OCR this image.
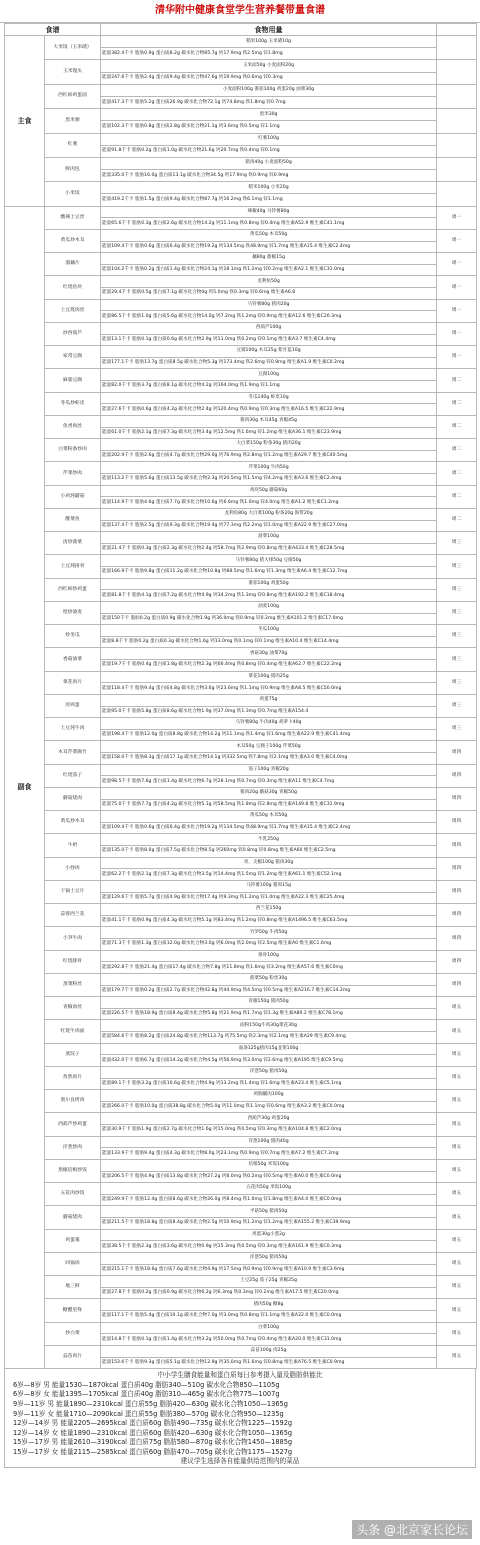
清华附中健康食堂学生营养餐带量食谱
食谱		食物用量	
主食	大米饭（玉米碴）	稻米100g 玉米碴10g	
		能量382.4千卡 脂肪0.9g 蛋白质8.2g 碳水化合物85.7g 钙17.9mg 铁2.5mg 锌1.8mg	
	玉米馒头	玉米面50g 小麦面粉20g	
		能量247.6千卡 脂肪2.4g 蛋白质9.4g 碳水化合物47.6g 钙19.9mg 铁0.6mg 锌0.3mg	
	西红柿鸡蛋面	小麦面粉100g 番茄100g 鸡蛋20g 油菜30g	
		能量417.3千卡 脂肪5.2g 蛋白质26.9g 碳水化合物72.1g 钙74.8mg 铁1.8mg 锌0.7mg	
	黑米粥	黑米30g	
		能量102.3千卡 脂肪0.8g 蛋白质2.8g 碳水化合物21.1g 钙3.6mg 铁0.5mg 锌1.1mg	
	红薯	红薯100g	
		能量91.8千卡 脂肪0.2g 蛋白质1.0g 碳水化合物21.6g 钙20.7mg 铁0.4mg 锌0.1mg	
	鲜肉包	猪肉40g 小麦面粉50g	
		能量335.0千卡 脂肪16.0g 蛋白质13.1g 碳水化合物34.5g 钙17.9mg 铁0.9mg 锌0.9mg	
	小米饭	稻米100g 小米20g	
		能量419.2千卡 脂肪1.5g 蛋白质9.4g 碳水化合物87.7g 钙16.2mg 铁6.1mg 锌1.1mg	
副食	酸辣土豆丝	辣椒40g 马铃薯80g	周一
		能量65.6千卡 脂肪0.3g 蛋白质2.6g 碳水化合物14.2g 钙11.1mg 铁0.8mg 锌0.4mg 维生素A52.9 维生素C41.1mg	
	黄瓜炒木耳	黄瓜50g 木耳50g	周一
		能量109.4千卡 脂肪0.6g 蛋白质6.4g 碳水化合物19.2g 钙134.5mg 铁48.9mg 锌1.7mg 维生素A15.4 维生素C2.4mg	
	溜藕片	藕80g 甜椒15g	周一
		能量104.2千卡 脂肪0.2g 蛋白质1.4g 碳水化合物24.1g 钙18.1mg 铁1.2mg 锌0.2mg 维生素A2.1 维生素C31.0mg	
	红烧鱼块	龙利鱼50g	周一
		能量29.4千卡 脂肪0.5g 蛋白质7.1g 碳水化合物0g 钙5.0mg 铁0.3mg 锌0.6mg 维生素A6.8	
	土豆烧肉丝	马铃薯80g 猪肉20g	周一
		能量86.5千卡 脂肪1.0g 蛋白质5.6g 碳水化合物14.0g 钙7.2mg 铁1.2mg 锌0.9mg 维生素A12.6 维生素C20.3mg	
	炒西葫芦	西葫芦100g	周一
		能量13.1千卡 脂肪0.1g 蛋白质0.6g 碳水化合物2.9g 钙11.0mg 铁0.2mg 锌0.1mg 维生素A3.7 维生素C4.4mg	
	家常豆腐	豆腐100g 木耳25g 紫甘蓝10g	周一
		能量177.1千卡 脂肪13.7g 蛋白质8.5g 碳水化合物5.3g 钙173.4mg 铁2.6mg 锌0.9mg 维生素A1.9 维生素C0.2mg	
	麻婆豆腐	豆腐100g	周二
		能量82.0千卡 脂肪3.7g 蛋白质8.1g 碳水化合物4.2g 钙164.0mg 铁1.9mg 锌1.1mg	
	冬瓜炒虾皮	冬瓜140g 虾皮10g	周二
		能量27.6千卡 脂肪0.6g 蛋白质4.2g 碳水化合物2.4g 钙120.4mg 铁0.9mg 锌0.3mg 维生素A16.5 维生素C22.9mg	
	鱼香肉丝	猪肉30g 木耳45g 青椒45g	周二
		能量61.0千卡 脂肪2.1g 蛋白质7.3g 碳水化合物3.4g 钙12.5mg 铁1.6mg 锌1.2mg 维生素A36.1 维生素C23.9mg	
	白菜粉条炒肉	大白菜150g 粉条30g 猪肉20g	周二
		能量202.9千卡 脂肪2.6g 蛋白质4.7g 碳水化合物29.0g 钙76.9mg 铁2.8mg 锌1.2mg 维生素A29.7 维生素C40.5mg	
	芹菜炒肉	芹菜100g 牛肉50g	周二
		能量113.2千卡 脂肪5.6g 蛋白质13.5g 碳水化合物2.3g 钙20.5mg 铁1.5mg 锌4.2mg 维生素A3.6 维生素C2.4mg	
	小鸡炖蘑菇	鸡块50g 蘑菇60g	周二
		能量114.9千卡 脂肪4.6g 蛋白质7.7g 碳水化合物10.6g 钙6.6mg 铁1.0mg 锌4.0mg 维生素A1.2 维生素C1.2mg	
	酸菜鱼	龙利鱼80g 大白菜100g 粉条20g 海带20g	周二
		能量137.4千卡 脂肪2.5g 蛋白质9.3g 碳水化合物19.4g 钙77.3mg 铁2.2mg 锌1.0mg 维生素A22.9 维生素C27.0mg	
	清炒菠菜	菠菜100g	周三
		能量21.4千卡 脂肪0.3g 蛋白质2.3g 碳水化合物2.4g 钙58.7mg 铁2.9mg 锌0.8mg 维生素A433.4 维生素C28.5mg	
	土豆炖排骨	马铃薯80g 猪大排50g 豆腐50g	周三
		能量166.9千卡 脂肪9.8g 蛋白质11.2g 碳水化合物10.8g 钙88.5mg 铁1.6mg 锌1.3mg 维生素A6.4 维生素C12.7mg	
	西红柿炒鸡蛋	番茄100g 鸡蛋50g	周三
		能量81.8千卡 脂肪4.1g 蛋白质7.2g 碳水化合物4.9g 钙34.2mg 铁1.3mg 锌0.8mg 维生素A192.2 维生素C18.4mg	
	炝炒油麦	油麦100g	周三
		能量150千卡 脂肪0.2g 蛋白质0.9g 碳水化合物1.9g 钙36.0mg 铁0.9mg 锌0.2mg 维生素A101.2 维生素C17.0mg	
	炒冬瓜	冬瓜100g	周三
		能量8.8千卡 脂肪0.2g 蛋白质0.3g 碳水化合物1.6g 钙13.0mg 铁0.1mg 锌0.1mg 维生素A10.4 维生素C14.4mg	
	香菇油菜	香菇30g 油菜70g	周三
		能量19.7千卡 脂肪0.4g 蛋白质1.8g 碳水化合物2.3g 钙66.4mg 铁0.8mg 锌0.4mg 维生素A62.7 维生素C22.2mg	
	菜花肉片	菜花100g 猪肉25g	周三
		能量118.4千卡 脂肪9.4g 蛋白质4.8g 碳水化合物3.6g 钙23.6mg 铁1.1mg 锌0.9mg 维生素A8.5 维生素C50.0mg	
	煎鸡蛋	鸡蛋75g	周三
		能量95.0千卡 脂肪5.8g 蛋白质8.6g 碳水化合物1.9g 钙37.0mg 铁1.3mg 锌0.7mg 维生素A154.4	
	土豆炖牛肉	马铃薯80g 牛肉40g 胡萝卜40g	周三
		能量198.4千卡 脂肪12.0g 蛋白质8.8g 碳水化合物14.2g 钙11.1mg 铁1.4mg 锌1.6mg 维生素A22.9 维生素C41.4mg	
	木耳芹菜腐竹	木耳50g 豆腐干100g 芹菜50g	周四
		能量158.0千卡 脂肪8.3g 蛋白质17.1g 碳水化合物14.1g 钙332.5mg 铁7.8mg 锌2.1mg 维生素A3.0 维生素C4.0mg	
	红烧茄子	茄子100g 青椒20g	周四
		能量98.5千卡 脂肪7.6g 蛋白质1.4g 碳水化合物6.7g 钙28.1mg 铁0.7mg 锌0.3mg 维生素A11 维生素C4.7mg	
	蘑菇烧肉	猪肉20g 蘑菇30g 青椒50g	周四
		能量75.0千卡 脂肪7.7g 蛋白质4.2g 碳水化合物5.1g 钙58.5mg 铁1.8mg 锌2.8mg 维生素A149.8 维生素C31.9mg	
	黄瓜炒木耳	黄瓜50g 木耳50g	周四
		能量109.4千卡 脂肪0.6g 蛋白质6.4g 碳水化合物19.2g 钙134.5mg 铁48.9mg 锌1.7mg 维生素A15.4 维生素C2.4mg	
	牛奶	牛乳250g	周四
		能量135.0千卡 脂肪8.0g 蛋白质7.5g 碳水化合物8.5g 钙260mg 铁0.8mg 锌0.8mg 维生素A60 维生素C2.5mg	
	小炒肉	青、尖椒100g 猪肉30g	周四
		能量62.2千卡 脂肪2.1g 蛋白质7.3g 碳水化合物3.5g 钙14.4mg 铁1.5mg 锌1.2mg 维生素A61.1 维生素C52.1mg	
	干锅土豆片	马铃薯100g 猪肉15g	周四
		能量129.6千卡 脂肪5.7g 蛋白质4.9g 碳水化合物17.4g 钙9.3mg 铁1.2mg 锌1.0mg 维生素A22.3 维生素C25.4mg	
	蒜蓉西兰花	西兰花150g	周四
		能量41.1千卡 脂肪0.9g 蛋白质4.3g 碳水化合物5.1g 钙83.4mg 铁1.2mg 锌0.8mg 维生素A1496.5 维生素C63.5mg	
	小笋牛肉	竹笋50g 牛肉50g	周四
		能量71.3千卡 脂肪1.3g 蛋白质12.0g 碳水化合物3.0g 钙6.0mg 铁2.0mg 锌2.5mg 维生素A0 维生素C1.6mg	
	红烧排骨	排骨100g	周四
		能量292.8千卡 脂肪21.4g 蛋白质17.4g 碳水化合物7.8g 钙11.8mg 铁1.6mg 锌3.2mg 维生素A57.6 维生素C0mg	
	蒸菜粉丝	菠菜50g 粉丝30g	周四
		能量179.7千卡 脂肪0.2g 蛋白质2.7g 碳水化合物42.8g 钙44.9mg 铁4.5mg 锌0.5mg 维生素A216.7 维生素C14.2mg	
	青椒肉丝	青椒150g 猪肉50g	周五
		能量226.5千卡 脂肪18.9g 蛋白质8.4g 碳水化合物5.8g 钙21.9mg 铁1.7mg 锌1.3g 维生素A80.2 维生素C78.1mg	
	红烧牛肉面	面粉150g牛肉30g菜花30g	周五
		能量584.6千卡 脂肪8.2g 蛋白质24.8g 碳水化合物113.7g 钙75.5mg 铁2.3mg 锌2.1mg 维生素A29 维生素C9.4mg	
	蒸饺子	面条125g猪肉15g韭菜100g	周五
		能量432.0千卡 脂肪6.7g 蛋白质14.2g 碳水化合物4.5g 钙56.9mg 铁3.0mg 锌2.6mg 维生素A195 维生素C9.5mg	
	孜然肉片	洋葱50g 猪肉50g	周五
		能量89.1千卡 脂肪3.2g 蛋白质10.6g 碳水化合物4.9g 钙13.2mg 铁1.4mg 锌1.6mg 维生素A23.4 维生素C5.1mg	
	奥尔良烤肉	鸡胸脯肉100g	周五
		能量266.0千卡 脂肪10.0g 蛋白质38.8g 碳水化合物5.0g 钙11.0mg 铁1.1mg 锌0.6mg 维生素A3.2 维生素C0.0mg	
	西葫芦炒鸡蛋	西葫芦30g 鸡蛋20g	周五
		能量30.9千卡 脂肪1.9g 蛋白质2.7g 碳水化合物1.6g 钙15.0mg 铁0.5mg 锌0.3mg 维生素A104.8 维生素C2.0mg	
	洋葱炒肉	洋葱100g 猪肉40g	周五
		能量133.9千卡 脂肪9.4g 蛋白质4.3g 碳水化合物8.0g 钙23.1mg 铁0.9mg 锌0.7mg 维生素A7.2 维生素C7.2mg	
	黑椒培根炒饭	培根50g 米饭100g	周五
		能量206.5千卡 脂肪4.9g 蛋白质13.8g 碳水化合物27.2g 钙8.0mg 铁0.2mg 锌0.5mg 维生素A0.0 维生素C0.0mg	
	五花肉炒饭	五花肉50g 米饭100g	周五
		能量249.9千卡 脂肪12.4g 蛋白质8.6g 碳水化合物26.0g 钙8.4mg 铁1.0mg 锌1.8mg 维生素A4.0 维生素C0.0mg	
	蘑菇烧肉	平菇50g 猪肉50g	周五
		能量211.5千卡 脂肪18.8g 蛋白质8.4g 碳水化合物2.5g 钙10.9mg 铁1.2mg 锌1.2mg 维生素A155.2 维生素C39.9mg	
	鸡蛋羹	鸡蛋30g小葱2g	周五
		能量38.5千卡 脂肪2.3g 蛋白质3.6g 碳水化合物0.9g 钙15.3mg 铁0.5mg 锌0.3mg 维生素A161.9 维生素C0.3mg	
	回锅肉	洋葱50g 猪肉50g	周五
		能量215.1千卡 脂肪18.6g 蛋白质7.6g 碳水化合物4.9g 钙17.5mg 铁0.9mg 锌0.9mg 维生素A10.9 维生素C3.6mg	
	地三鲜	土豆25g 茄子25g 青椒25g	周五
		能量27.8千卡 脂肪0.2g 蛋白质0.9g 碳水化合物6.2g 钙6.3mg 铁0.3mg 锌0.2mg 维生素A17.5 维生素C20.0mg	
	糖醋里脊	猪肉50g 糖8g	周五
		能量117.1千卡 脂肪5.4g 蛋白质10.1g 碳水化合物7.0g 钙3.0mg 铁0.8mg 锌1.1mg 维生素A22.0 维生素C0.0mg	
	炒白菜	白菜100g	周五
		能量14.8千卡 脂肪0.1g 蛋白质1.4g 碳水化合物3.2g 钙50.0mg 铁0.7mg 锌0.4mg 维生素A20.0 维生素C31.0mg	
	蒜苗肉片	蒜苗100g 肉25g	周五
		能量153.6千卡 脂肪9.3g 蛋白质5.1g 碳水化合物12.9g 钙35.0mg 铁1.6mg 锌0.8mg 维生素A76.5 维生素C0.9mg	
中小学生膳食能量和蛋白质每日参考摄入量及脂肪供能比
6岁—8岁 男 能量1530—1870kcal 蛋白质40g 脂肪340—510g 碳水化合物850—1105g
6岁—8岁 女 能量1395—1705kcal 蛋白质40g 脂肪310—465g 碳水化合物775—1007g
9岁—11岁 男 能量1890—2310kcal 蛋白质55g 脂肪420—630g 碳水化合物1050—1365g
9岁—11岁 女 能量1710—2090kcal 蛋白质55g 脂肪380—570g 碳水化合物950—1235g
12岁—14岁 男 能量2205—2695kcal 蛋白质60g 脂肪490—735g 碳水化合物1225—1592g
12岁—14岁 女 能量1890—2310kcal 蛋白质60g 脂肪420—630g 碳水化合物1050—1365g
15岁—17岁 男 能量2610—3190kcal 蛋白质75g 脂肪580—870g 碳水化合物1450—1885g
15岁—17岁 女 能量2115—2585kcal 蛋白质60g 脂肪470—705g 碳水化合物1175—1527g
建议学生选择各自能量供给范围内的菜品
头条 @北京家长论坛
